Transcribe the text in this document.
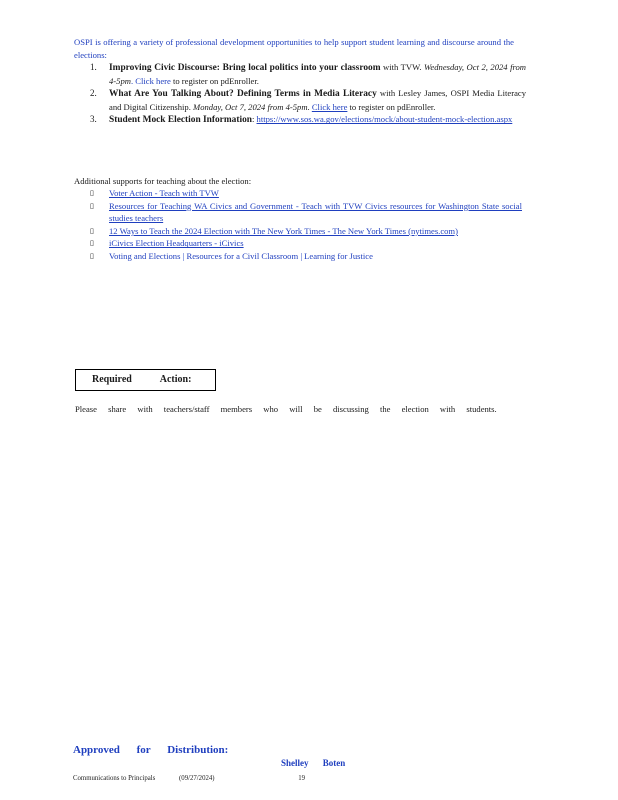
OSPI is offering a variety of professional development opportunities to help support student learning and discourse around the elections:
1.	Improving Civic Discourse: Bring local politics into your classroom with TVW. Wednesday, Oct 2, 2024 from 4-5pm. Click here to register on pdEnroller.
2.	What Are You Talking About? Defining Terms in Media Literacy with Lesley James, OSPI Media Literacy and Digital Citizenship. Monday, Oct 7, 2024 from 4-5pm. Click here to register on pdEnroller.
3.	Student Mock Election Information: https://www.sos.wa.gov/elections/mock/about-student-mock-election.aspx
Additional supports for teaching about the election:
▯	Voter Action - Teach with TVW
▯	Resources for Teaching WA Civics and Government - Teach with TVW Civics resources for Washington State social studies teachers
▯	12 Ways to Teach the 2024 Election with The New York Times - The New York Times (nytimes.com)
▯	iCivics Election Headquarters - iCivics
▯	Voting and Elections | Resources for a Civil Classroom | Learning for Justice
Required Action:
Please share with teachers/staff members who will be discussing the election with students.
Approved for Distribution:
Shelley Boten
Communications to Principals	(09/27/2024)	19
